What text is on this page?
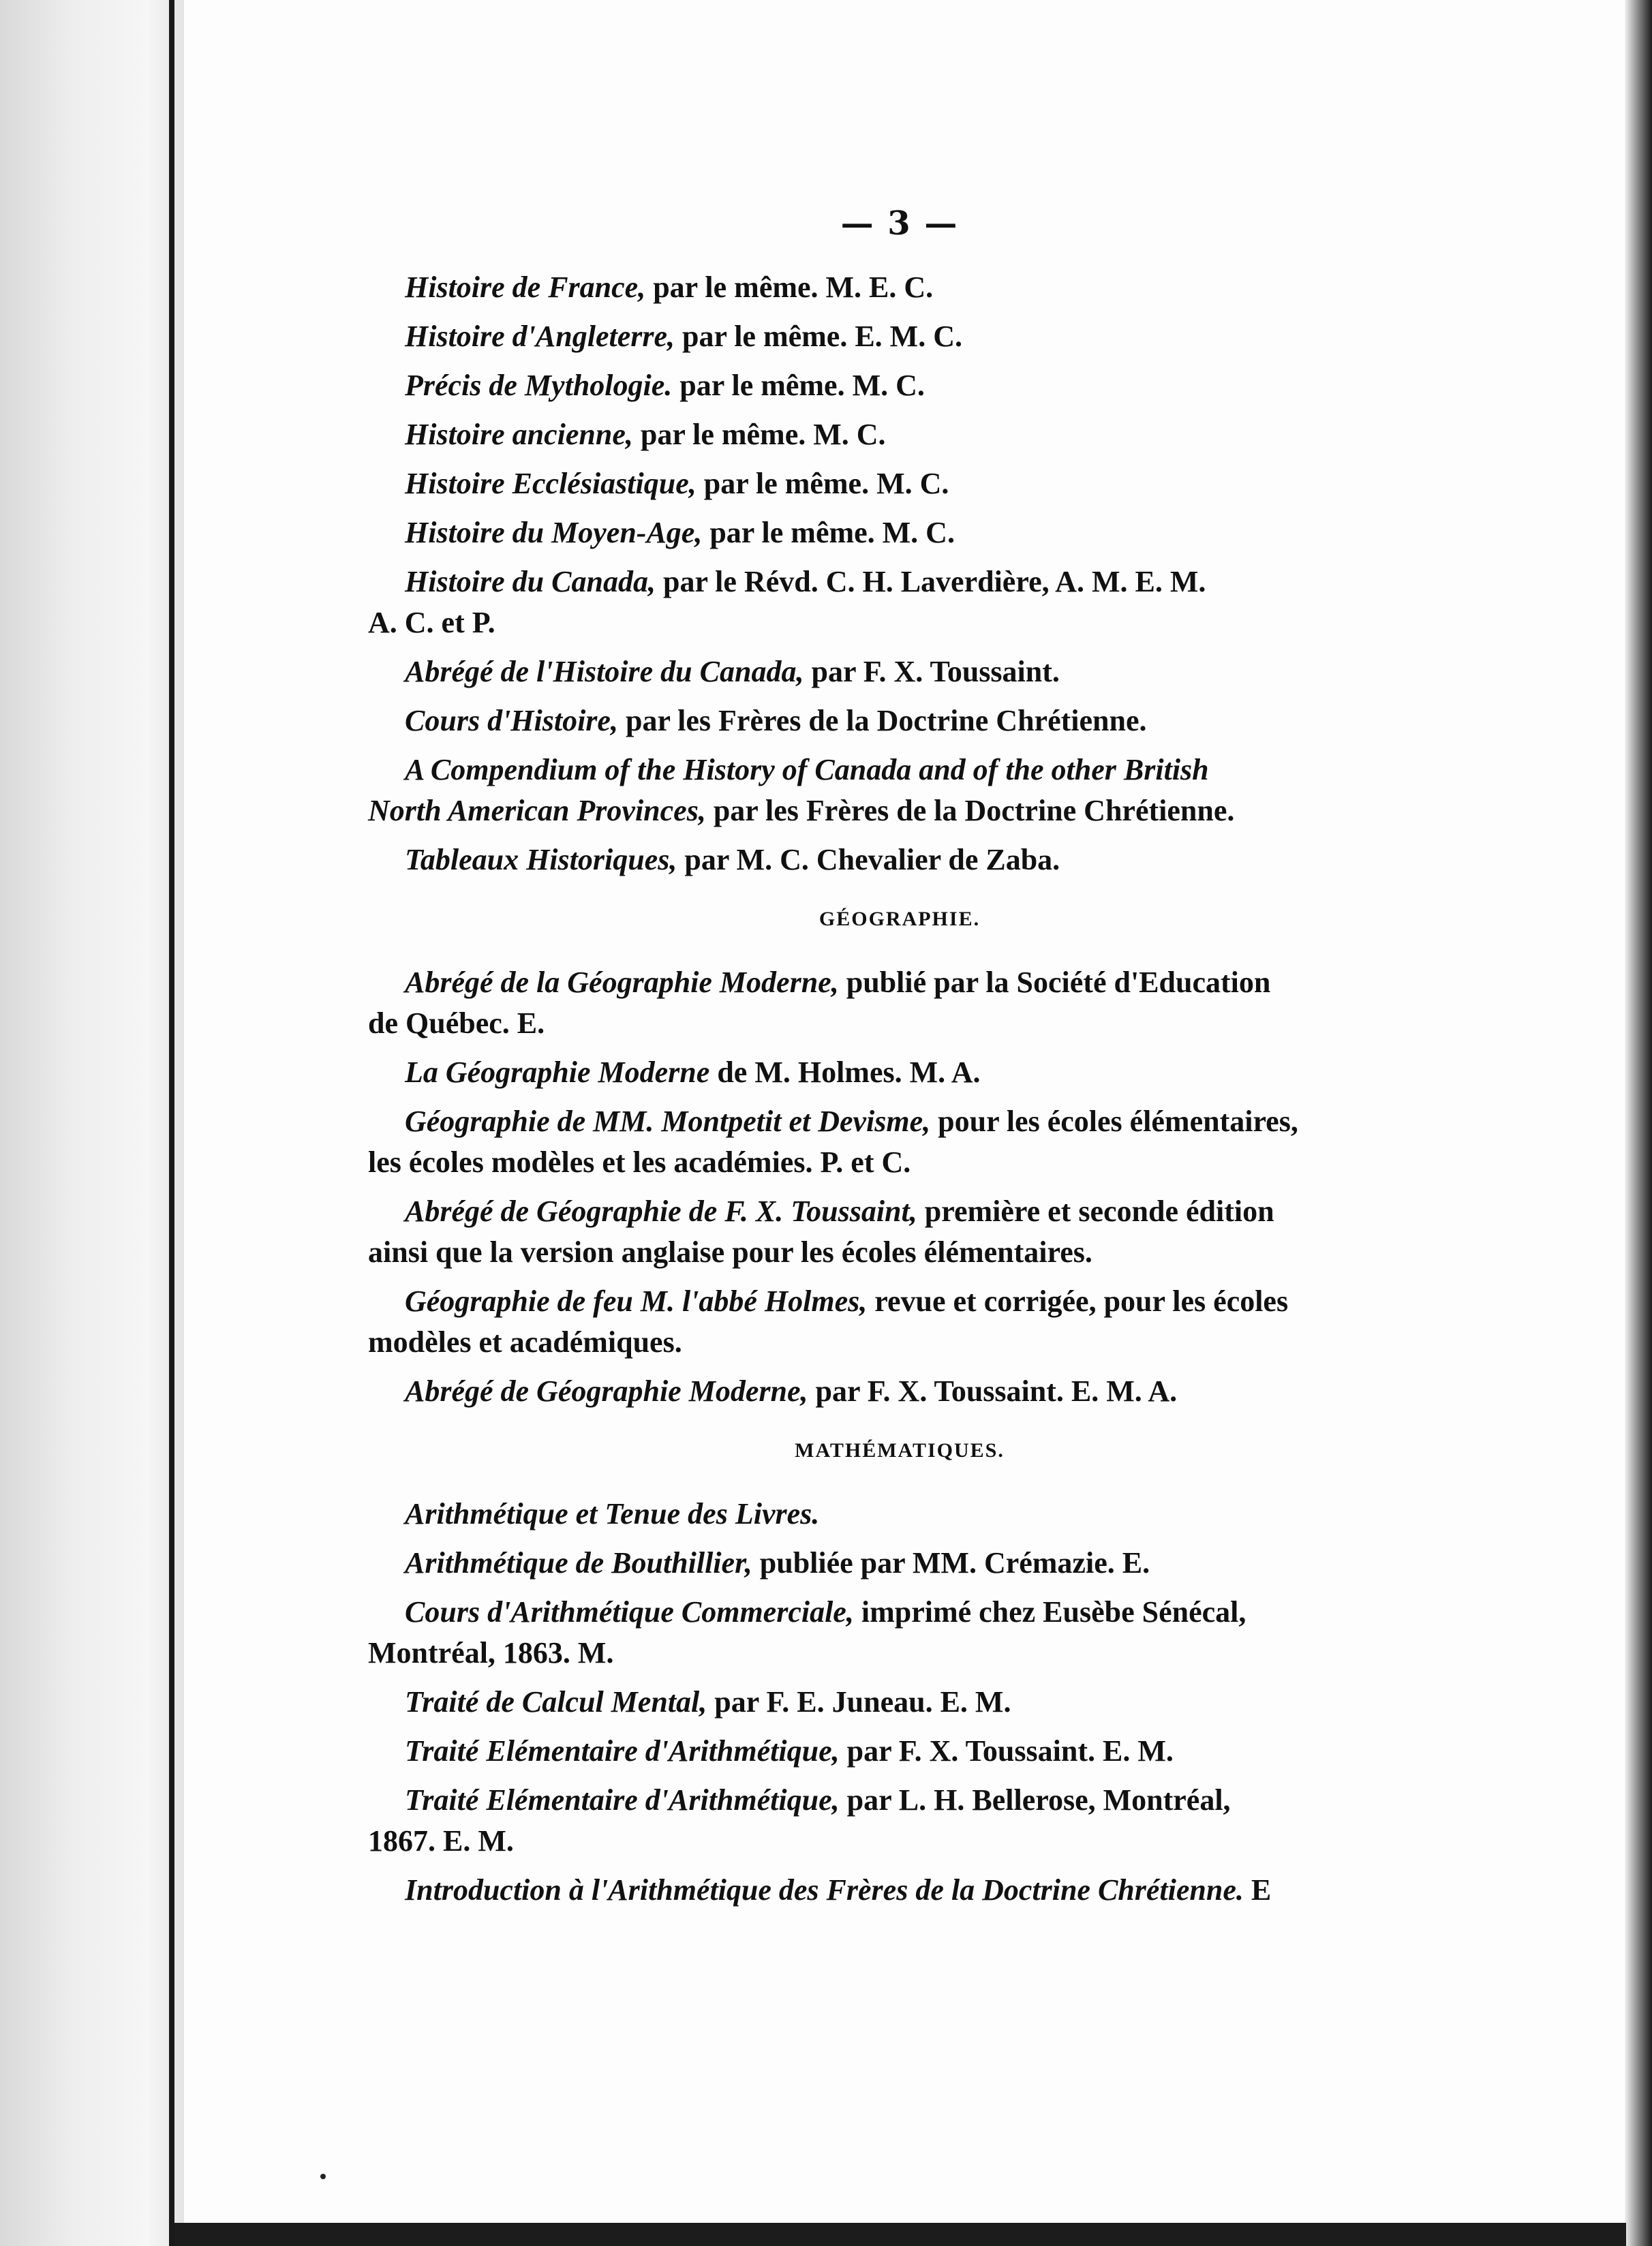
— 3 —
Histoire de France, par le même. M. E. C.
Histoire d'Angleterre, par le même. E. M. C.
Précis de Mythologie. par le même. M. C.
Histoire ancienne, par le même. M. C.
Histoire Ecclésiastique, par le même. M. C.
Histoire du Moyen-Age, par le même. M. C.
Histoire du Canada, par le Révd. C. H. Laverdière, A. M. E. M.
A. C. et P.
Abrégé de l'Histoire du Canada, par F. X. Toussaint.
Cours d'Histoire, par les Frères de la Doctrine Chrétienne.
A Compendium of the History of Canada and of the other British
North American Provinces, par les Frères de la Doctrine Chrétienne.
Tableaux Historiques, par M. C. Chevalier de Zaba.
GÉOGRAPHIE.
Abrégé de la Géographie Moderne, publié par la Société d'Education
de Québec. E.
La Géographie Moderne de M. Holmes. M. A.
Géographie de MM. Montpetit et Devisme, pour les écoles élémentaires,
les écoles modèles et les académies. P. et C.
Abrégé de Géographie de F. X. Toussaint, première et seconde édition
ainsi que la version anglaise pour les écoles élémentaires.
Géographie de feu M. l'abbé Holmes, revue et corrigée, pour les écoles
modèles et académiques.
Abrégé de Géographie Moderne, par F. X. Toussaint. E. M. A.
MATHÉMATIQUES.
Arithmétique et Tenue des Livres.
Arithmétique de Bouthillier, publiée par MM. Crémazie. E.
Cours d'Arithmétique Commerciale, imprimé chez Eusèbe Sénécal,
Montréal, 1863. M.
Traité de Calcul Mental, par F. E. Juneau. E. M.
Traité Elémentaire d'Arithmétique, par F. X. Toussaint. E. M.
Traité Elémentaire d'Arithmétique, par L. H. Bellerose, Montréal,
1867. E. M.
Introduction à l'Arithmétique des Frères de la Doctrine Chrétienne. E
